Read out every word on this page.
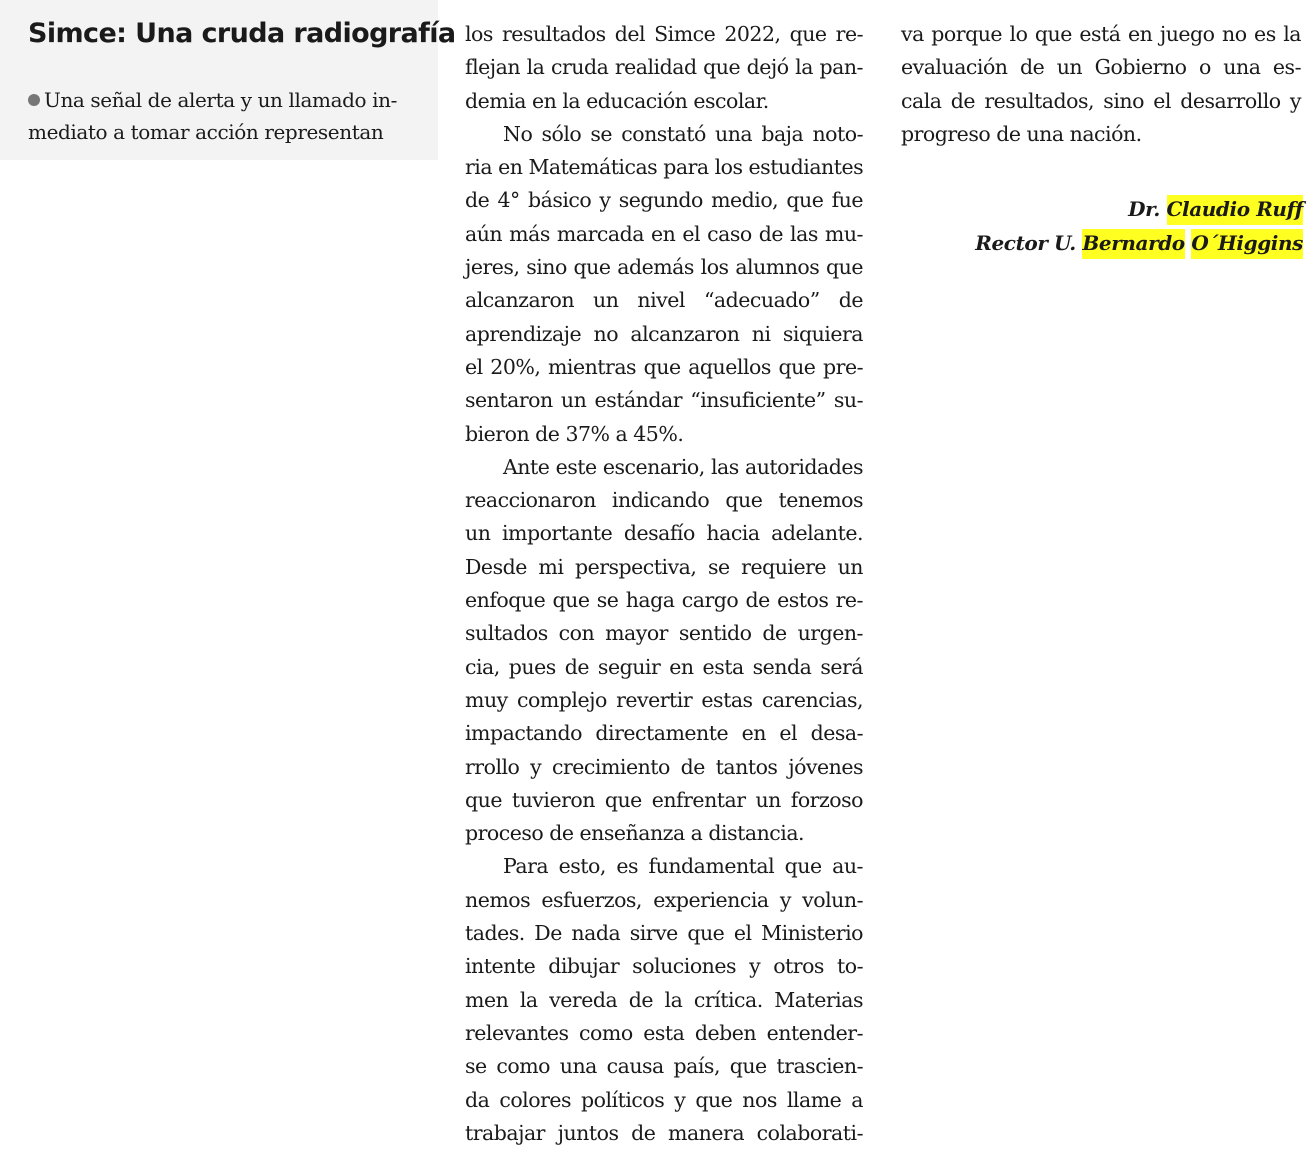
Simce: Una cruda radiografía
Una señal de alerta y un llamado in-
mediato a tomar acción representan
los resultados del Simce 2022, que re-
flejan la cruda realidad que dejó la pan-
demia en la educación escolar.
No sólo se constató una baja noto-
ria en Matemáticas para los estudiantes
de 4° básico y segundo medio, que fue
aún más marcada en el caso de las mu-
jeres, sino que además los alumnos que
alcanzaron un nivel “adecuado” de
aprendizaje no alcanzaron ni siquiera
el 20%, mientras que aquellos que pre-
sentaron un estándar “insuficiente” su-
bieron de 37% a 45%.
Ante este escenario, las autoridades
reaccionaron indicando que tenemos
un importante desafío hacia adelante.
Desde mi perspectiva, se requiere un
enfoque que se haga cargo de estos re-
sultados con mayor sentido de urgen-
cia, pues de seguir en esta senda será
muy complejo revertir estas carencias,
impactando directamente en el desa-
rrollo y crecimiento de tantos jóvenes
que tuvieron que enfrentar un forzoso
proceso de enseñanza a distancia.
Para esto, es fundamental que au-
nemos esfuerzos, experiencia y volun-
tades. De nada sirve que el Ministerio
intente dibujar soluciones y otros to-
men la vereda de la crítica. Materias
relevantes como esta deben entender-
se como una causa país, que trascien-
da colores políticos y que nos llame a
trabajar juntos de manera colaborati-
va porque lo que está en juego no es la
evaluación de un Gobierno o una es-
cala de resultados, sino el desarrollo y
progreso de una nación.
Dr. Claudio Ruff
Rector U. Bernardo O´Higgins
